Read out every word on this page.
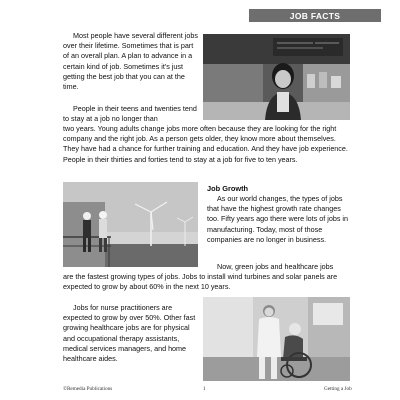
JOB FACTS

Most people have several different jobs over their lifetime. Sometimes that is part of an overall plan. A plan to advance in a certain kind of job. Sometimes it's just getting the best job that you can at the time.

People in their teens and twenties tend to stay at a job no longer than

two years. Young adults change jobs more often because they are looking for the right company and the right job. As a person gets older, they know more about themselves. They have had a chance for further training and education. And they have job experience. People in their thirties and forties tend to stay at a job for five to ten years.

Job Growth

As our world changes, the types of jobs that have the highest growth rate changes too. Fifty years ago there were lots of jobs in manufacturing. Today, most of those companies are no longer in business.

Now, green jobs and healthcare jobs

are the fastest growing types of jobs. Jobs to install wind turbines and solar panels are expected to grow by about 60% in the next 10 years.

Jobs for nurse practitioners are expected to grow by over 50%. Other fast growing healthcare jobs are for physical and occupational therapy assistants, medical services managers, and home healthcare aides.

©Remedia Publications	1	Getting a Job
